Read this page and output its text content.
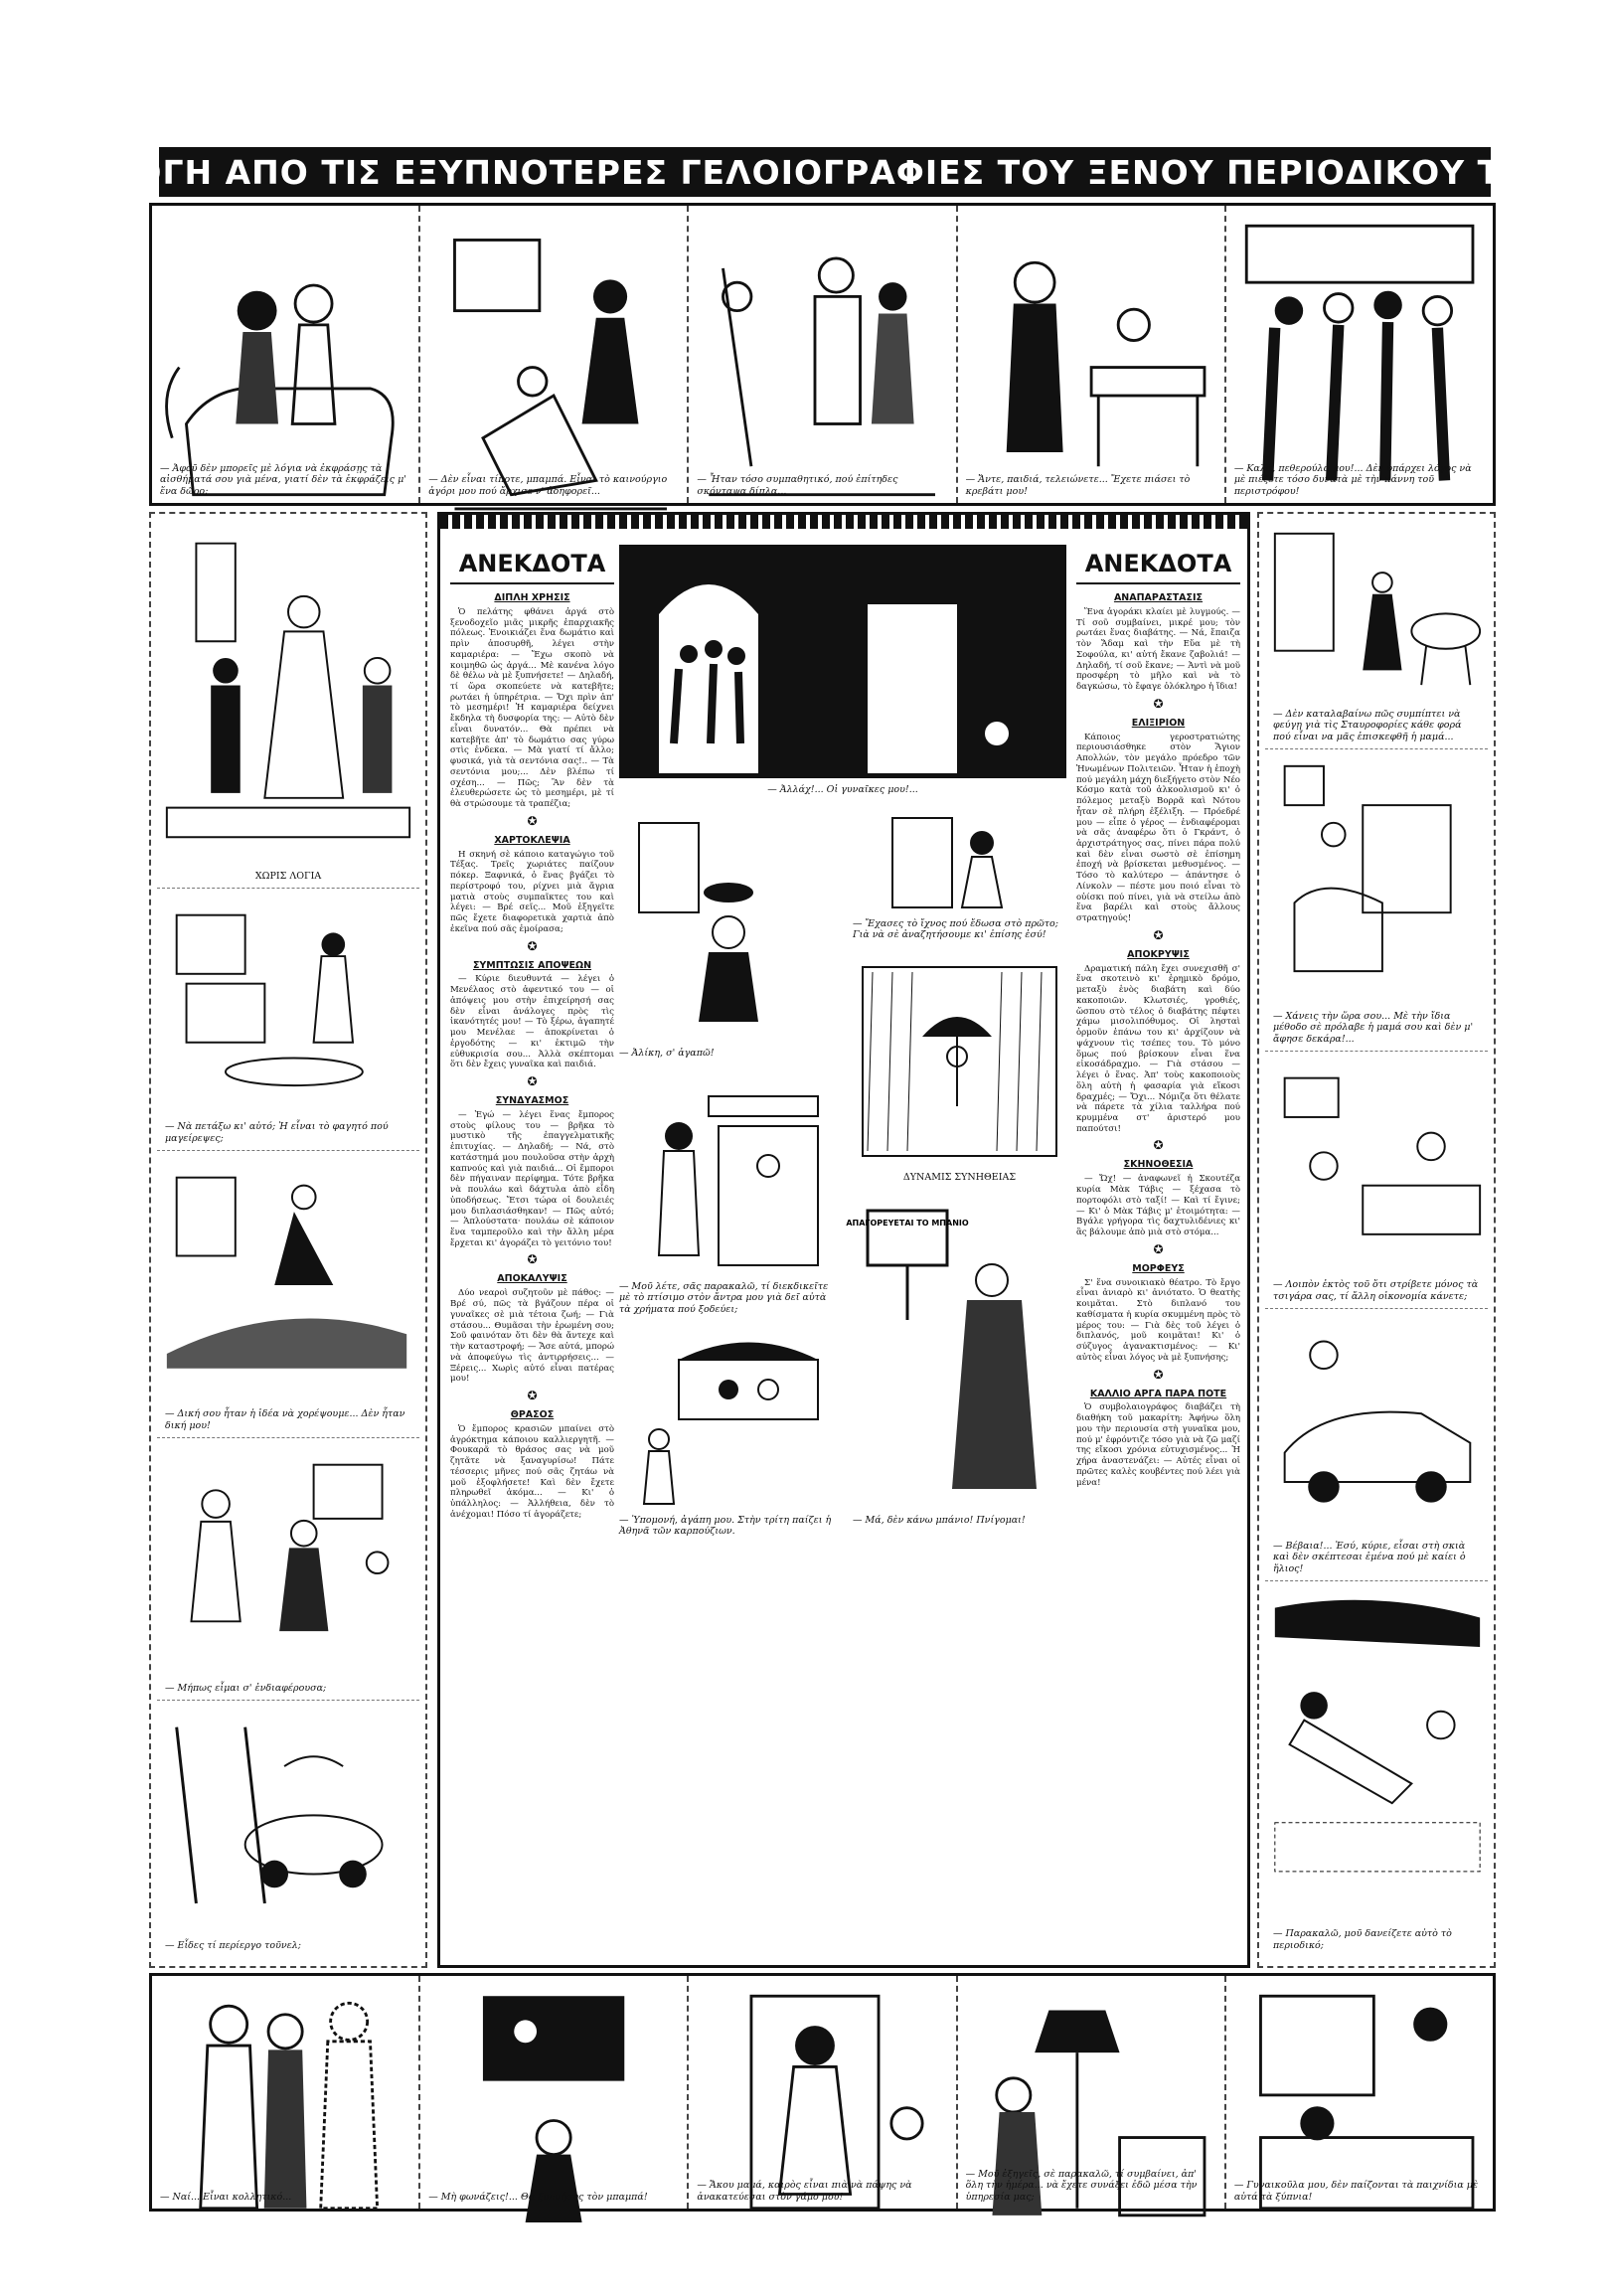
ΕΠΙΛΟΓΗ ΑΠΟ ΤΙΣ ΕΞΥΠΝΟΤΕΡΕΣ ΓΕΛΟΙΟΓΡΑΦΙΕΣ ΤΟΥ ΞΕΝΟΥ ΠΕΡΙΟΔΙΚΟΥ ΤΥΠΟΥ
— Ἀφοῦ δὲν μπορεῖς μὲ λόγια νὰ ἐκφράσῃς τὰ αἰσθήματά σου γιὰ μένα, γιατί δὲν τὰ ἐκφράζεις μ' ἕνα δῶρο;
— Δὲν εἶναι τίποτε, μπαμπά. Εἶναι τὸ καινούργιο ἀγόρι μου πού ἄρχισε ν' ἀδηφορεῖ...
— Ἦταν τόσο συμπαθητικό, πού ἐπίτηδες σκόνταψα δίπλα...
— Ἄντε, παιδιά, τελειώνετε... Ἔχετε πιάσει τὸ κρεβάτι μου!
— Καλά, πεθερούλα μου!... Δὲν ὑπάρχει λόγος νὰ μὲ πιέζετε τόσο δυνατὰ μὲ τὴν κάννη τοῦ περιστρόφου!
ΧΩΡΙΣ ΛΟΓΙΑ
— Νὰ πετάξω κι' αὐτό; Ἡ εἶναι τὸ φαγητό πού μαγείρεψες;
— Δική σου ἦταν ἡ ἰδέα νὰ χορέψουμε... Δὲν ἦταν δική μου!
— Μήπως εἶμαι σ' ἐνδιαφέρουσα;
— Εἶδες τί περίεργο τοῦνελ;
ΑΝΕΚΔΟΤΑ
ΔΙΠΛΗ ΧΡΗΣΙΣ

Ὁ πελάτης φθάνει ἀργά στὸ ξενοδοχεῖο μιᾶς μικρῆς ἐπαρχιακῆς πόλεως. Ἐνοικιάζει ἕνα δωμάτιο καὶ πρὶν ἀποσυρθῆ, λέγει στὴν καμαριέρα: — Ἔχω σκοπὸ νὰ κοιμηθῶ ὡς ἀργά... Μὲ κανένα λόγο δὲ θέλω νὰ μὲ ξυπνήσετε! — Δηλαδή, τί ὥρα σκοπεύετε νὰ κατεβῆτε; ρωτάει ἡ ὑπηρέτρια. — Ὄχι πρὶν ἀπ' τὸ μεσημέρι! Ἡ καμαριέρα δείχνει ἔκδηλα τὴ δυσφορία της: — Αὐτὸ δὲν εἶναι δυνατόν... Θὰ πρέπει νὰ κατεβῆτε ἀπ' τὸ δωμάτιο σας γύρω στὶς ἐνδεκα. — Μὰ γιατί τί ἄλλο; φυσικά, γιὰ τὰ σεντόνια σας!.. — Τὰ σεντόνια μου;... Δὲν βλέπω τί σχέση... — Πῶς; Ἂν δὲν τὰ ἐλευθερώσετε ὡς τὸ μεσημέρι, μὲ τί θὰ στρώσουμε τὰ τραπέζια;

✪
ΧΑΡΤΟΚΛΕΨΙΑ

Η σκηνή σὲ κάποιο καταγώγιο τοῦ Τέξας. Τρεῖς χωριάτες παίζουν πόκερ. Ξαφνικά, ὁ ἕνας βγάζει τὸ περίστροφό του, ρίχνει μιὰ ἄγρια ματιὰ στοὺς συμπαῖκτες του καὶ λέγει: — Βρέ σεῖς... Μοῦ ἐξηγεῖτε πῶς ἔχετε διαφορετικὰ χαρτιὰ ἀπὸ ἐκεῖνα πού σᾶς ἐμοίρασα;

✪
ΣΥΜΠΤΩΣΙΣ ΑΠΟΨΕΩΝ

— Κύριε διευθυντά — λέγει ὁ Μενέλαος στὸ ἀφεντικό του — οἱ ἀπόψεις μου στὴν ἐπιχείρησή σας δὲν εἶναι ἀνάλογες πρὸς τὶς ἱκανότητές μου! — Τὸ ξέρω, ἀγαπητέ μου Μενέλαε — ἀποκρίνεται ὁ ἐργοδότης — κι' ἐκτιμῶ τὴν εὐθυκρισία σου... Ἀλλὰ σκέπτομαι ὅτι δὲν ἔχεις γυναῖκα καὶ παιδιά.

✪
ΣΥΝΔΥΑΣΜΟΣ

— Ἐγώ — λέγει ἕνας ἔμπορος στοὺς φίλους του — βρῆκα τὸ μυστικὸ τῆς ἐπαγγελματικῆς ἐπιτυχίας. — Δηλαδή; — Νά, στὸ κατάστημά μου πουλοῦσα στὴν ἀρχὴ καπνούς καὶ γιὰ παιδιά... Οἱ ἔμποροι δὲν πήγαιναν περίφημα. Τότε βρῆκα νὰ πουλάω καὶ δάχτυλα ἀπὸ εἶδη ὑποδήσεως. Ἔτσι τώρα οἱ δουλειές μου διπλασιάσθηκαν! — Πῶς αὐτό; — Ἁπλούστατα· πουλάω σὲ κάποιον ἕνα ταμπεροῦλο καὶ τὴν ἄλλη μέρα ἔρχεται κι' ἀγοράζει τὸ γειτόνιο του!

✪
ΑΠΟΚΑΛΥΨΙΣ

Δύο νεαροὶ συζητοῦν μὲ πάθος: — Βρέ σύ, πῶς τὰ βγάζουν πέρα οἱ γυναῖκες σὲ μιὰ τέτοια ζωή; — Γιὰ στάσου... Θυμᾶσαι τὴν ἐρωμένη σου; Σοῦ φαινόταν ὅτι δὲν θὰ ἄντεχε καὶ τὴν καταστροφή; — Ἄσε αὐτά, μπορώ νὰ ἀποφεύγω τὶς ἀντιρρήσεις... — Ξέρεις... Χωρὶς αὐτό εἶναι πατέρας μου!

✪
ΘΡΑΣΟΣ

Ὁ ἔμπορος κρασιῶν μπαίνει στὸ ἀγρόκτημα κάποιου καλλιεργητῆ. — Φουκαρᾶ τὸ θράσος σας νὰ μοῦ ζητᾶτε νὰ ξαναγυρίσω! Πάτε τέσσερις μῆνες πού σᾶς ζητάω νὰ μοῦ ἐξοφλήσετε! Καὶ δὲν ἔχετε πληρωθεῖ ἀκόμα... — Κι' ὁ ὑπάλληλος: — Ἀλλήθεια, δὲν τὸ ἀνέχομαι! Πόσο τί ἀγοράζετε;

— Ἀλλάχ!... Οἱ γυναῖκες μου!...
— Ἀλίκη, σ' ἀγαπῶ!
— Ἔχασες τὸ ἴχνος πού ἔδωσα στὸ πρῶτο; Γιὰ νὰ σὲ ἀναζητήσουμε κι' ἐπίσης ἐσύ!
ΔΥΝΑΜΙΣ ΣΥΝΗΘΕΙΑΣ
— Μοῦ λέτε, σᾶς παρακαλῶ, τί διεκδικεῖτε μὲ τὸ πτίσιμο στὸν ἄντρα μου γιὰ δεῖ αὐτὰ τὰ χρήματα πού ξοδεύει;
ΑΠΑΓΟΡΕΥΕΤΑΙ ΤΟ ΜΠΑΝΙΟ
— Μά, δὲν κάνω μπάνιο! Πνίγομαι!
— Ὑπομονή, ἀγάπη μου. Στὴν τρίτη παίζει ἡ Ἀθηνᾶ τῶν καρπούζιων.
ΑΝΕΚΔΟΤΑ
ΑΝΑΠΑΡΑΣΤΑΣΙΣ

Ἕνα ἀγοράκι κλαίει μὲ λυγμούς. — Τί σοῦ συμβαίνει, μικρέ μου; τὸν ρωτάει ἕνας διαβάτης. — Νά, ἔπαιζα τὸν Ἄδαμ καὶ τὴν Εὔα μὲ τὴ Σοφούλα, κι' αὐτή ἔκανε ζαβολιά! — Δηλαδή, τί σοῦ ἔκανε; — Ἀντὶ νὰ μοῦ προσφέρη τὸ μῆλο καὶ νὰ τὸ δαγκώσω, τὸ ἔφαγε ὁλόκληρο ἡ ἴδια!

✪
ΕΛΙΞΙΡΙΟΝ

Κάποιος γεροστρατιώτης περιουσιάσθηκε στὸν Ἅγιον Απολλών, τὸν μεγάλο πρόεδρο τῶν Ἡνωμένων Πολιτειῶν. Ἦταν ἡ ἐποχὴ πού μεγάλη μάχη διεξήγετο στὸν Νέο Κόσμο κατὰ τοῦ ἀλκοολισμοῦ κι' ὁ πόλεμος μεταξὺ Βορρᾶ καὶ Νότου ἦταν σὲ πλήρη ἐξέλιξη. — Πρόεδρέ μου — εἶπε ὁ γέρος — ἐνδιαφέρομαι νὰ σᾶς ἀναφέρω ὅτι ὁ Γκράντ, ὁ ἀρχιστράτηγος σας, πίνει πάρα πολύ καὶ δὲν εἶναι σωστὸ σὲ ἐπίσημη ἐποχή νὰ βρίσκεται μεθυσμένος. — Τόσο τὸ καλύτερο — ἀπάντησε ὁ Λίνκολν — πέστε μου ποιό εἶναι τὸ οὐίσκι πού πίνει, γιὰ νὰ στείλω ἀπὸ ἕνα βαρέλι καὶ στοὺς ἄλλους στρατηγούς!

✪
ΑΠΟΚΡΥΨΙΣ

Δραματική πάλη ἔχει συνεχισθῆ σ' ἕνα σκοτεινὸ κι' ἐρημικὸ δρόμο, μεταξὺ ἑνὸς διαβάτη καὶ δύο κακοποιῶν. Κλωτσιές, γροθιές, ὥσπου στὸ τέλος ὁ διαβάτης πέφτει χάμω μισολιπόθυμος. Οἱ λησταὶ ὁρμοῦν ἐπάνω του κι' ἀρχίζουν νὰ ψάχνουν τὶς τσέπες του. Τὸ μόνο ὅμως πού βρίσκουν εἶναι ἕνα εἰκοσάδραχμο. — Γιὰ στάσου — λέγει ὁ ἕνας. Ἀπ' τοὺς κακοποιοὺς ὅλη αὐτὴ ἡ φασαρία γιὰ εἴκοσι δραχμές; — Ὄχι... Νόμιζα ὅτι θέλατε νὰ πάρετε τὰ χίλια ταλλήρα πού κρυμμένα στ' ἀριστερό μου παπούτσι!

✪
ΣΚΗΝΟΘΕΣΙΑ

— Ὤχ! — ἀναφωνεῖ ἡ Σκουτέζα κυρία Μὰκ Τάβις — ξέχασα τὸ πορτοφόλι στὸ ταξί! — Καὶ τί ἔγινε; — Κι' ὁ Μὰκ Τάβις μ' ἐτοιμότητα: — Βγάλε γρήγορα τὶς δαχτυλιδένιες κι' ἂς βάλουμε ἀπὸ μιὰ στὸ στόμα...

✪
ΜΟΡΦΕΥΣ

Σ' ἕνα συνοικιακὸ θέατρο. Τὸ ἔργο εἶναι ἀνιαρὸ κι' ἀνιότατο. Ὁ θεατὴς κοιμᾶται. Στὸ διπλανό του καθίσματα ἡ κυρία σκυμμένη πρὸς τὸ μέρος του: — Γιὰ δὲς τοῦ λέγει ὁ διπλανός, μοῦ κοιμᾶται! Κι' ὁ σύζυγος ἀγανακτισμένος: — Κι' αὐτὸς εἶναι λόγος νὰ μὲ ξυπνήσης;

✪
ΚΑΛΛΙΟ ΑΡΓΑ ΠΑΡΑ ΠΟΤΕ

Ὁ συμβολαιογράφος διαβάζει τὴ διαθήκη τοῦ μακαρίτη: Ἀφήνω ὅλη μου τὴν περιουσία στὴ γυναῖκα μου, πού μ' ἐφρόντιζε τόσο γιὰ νὰ ζῶ μαζί της εἴκοσι χρόνια εὐτυχισμένος... Ἡ χήρα ἀναστενάζει: — Αὐτές εἶναι οἱ πρῶτες καλὲς κουβέντες πού λέει γιὰ μένα!

— Δὲν καταλαβαίνω πῶς συμπίπτει νὰ φεύγῃ γιὰ τὶς Σταυροφορίες κάθε φορά πού εἶναι να μᾶς ἐπισκεφθῆ ἡ μαμά...
— Χάνεις τὴν ὥρα σου... Μὲ τὴν ἴδια μέθοδο σὲ πρόλαβε ἡ μαμά σου καὶ δὲν μ' ἄφησε δεκάρα!...
— Λοιπὸν ἐκτὸς τοῦ ὅτι στρίβετε μόνος τὰ τσιγάρα σας, τί ἄλλη οἰκονομία κάνετε;
— Βέβαια!... Ἐσύ, κύριε, εἶσαι στὴ σκιὰ καὶ δὲν σκέπτεσαι ἐμένα πού μὲ καίει ὁ ἥλιος!
— Παρακαλῶ, μοῦ δανείζετε αὐτὸ τὸ περιοδικό;
— Ναί... Εἶναι κολλητικό...	— Μὴ φωνάζεις!... Θὰ ξυπνήσης τὸν μπαμπά!
— Ἄκου μαμά, καιρὸς εἶναι πιὰ νὰ πάψης νὰ ἀνακατεύεσαι στὸν γάμο μου!
— Μοῦ ἐξηγεῖς, σὲ παρακαλῶ, τί συμβαίνει, ἀπ' ὅλη τὴν ἡμέρα... νὰ ἔχετε συνάξει ἐδῶ μέσα τὴν ὑπηρεσία μας;
— Γυναικοῦλα μου, δὲν παίζονται τὰ παιχνίδια μὲ αὐτά τὰ ξύπνια!
